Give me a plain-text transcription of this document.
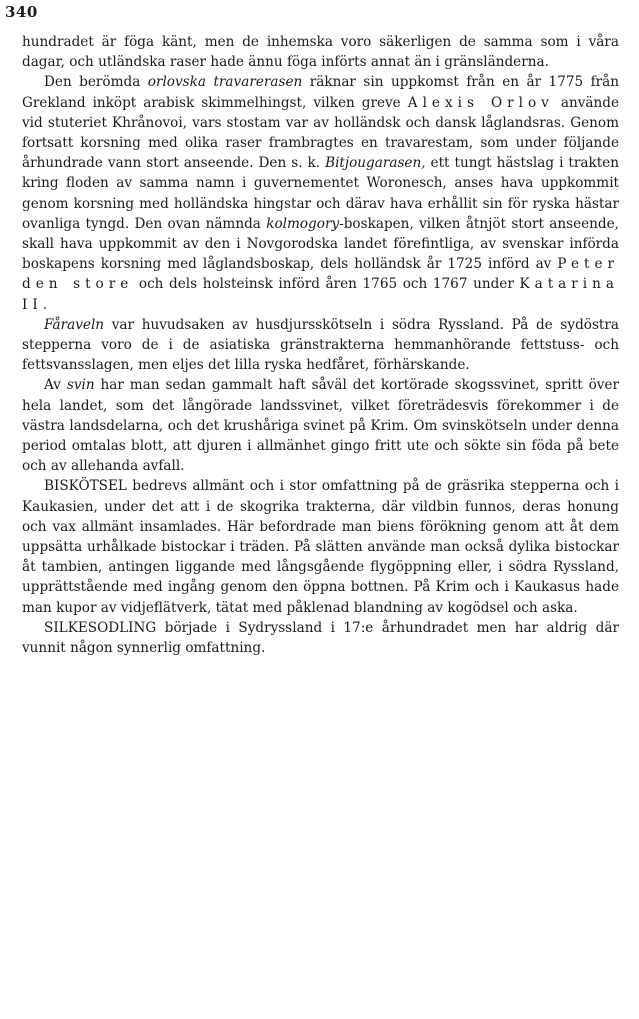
340

hundradet är föga känt, men de inhemska voro säkerligen de samma som i våra dagar, och utländska raser hade ännu föga införts annat än i gränsländerna.

Den berömda orlovska travarerasen räknar sin uppkomst från en år 1775 från Grekland inköpt arabisk skimmelhingst, vilken greve Alexis Orlov använde vid stuteriet Khrånovoi, vars stostam var av holländsk och dansk låglandsras. Genom fortsatt korsning med olika raser frambragtes en travarestam, som under följande århundrade vann stort anseende. Den s. k. Bitjougarasen, ett tungt hästslag i trakten kring floden av samma namn i guvernementet Woronesch, anses hava uppkommit genom korsning med holländska hingstar och därav hava erhållit sin för ryska hästar ovanliga tyngd. Den ovan nämnda kolmogory-boskapen, vilken åtnjöt stort anseende, skall hava uppkommit av den i Novgorodska landet förefintliga, av svenskar införda boskapens korsning med låglandsboskap, dels holländsk år 1725 införd av Peter den store och dels holsteinsk införd åren 1765 och 1767 under Katarina II.

Fåraveln var huvudsaken av husdjursskötseln i södra Ryssland. På de sydöstra stepperna voro de i de asiatiska gränstrakterna hemmanhörande fettstuss- och fettsvansslagen, men eljes det lilla ryska hedfåret, förhärskande.

Av svin har man sedan gammalt haft såväl det kortörade skogssvinet, spritt över hela landet, som det långörade landssvinet, vilket företrädesvis förekommer i de västra landsdelarna, och det krushåriga svinet på Krim. Om svinskötseln under denna period omtalas blott, att djuren i allmänhet gingo fritt ute och sökte sin föda på bete och av allehanda avfall.

BISKÖTSEL bedrevs allmänt och i stor omfattning på de gräsrika stepperna och i Kaukasien, under det att i de skogrika trakterna, där vildbin funnos, deras honung och vax allmänt insamlades. Här befordrade man biens förökning genom att åt dem uppsätta urhålkade bistockar i träden. På slätten använde man också dylika bistockar åt tambien, antingen liggande med långsgående flygöppning eller, i södra Ryssland, upprättstående med ingång genom den öppna bottnen. På Krim och i Kaukasus hade man kupor av vidjeflätverk, tätat med påklenad blandning av kogödsel och aska.

SILKESODLING började i Sydryssland i 17:e århundradet men har aldrig där vunnit någon synnerlig omfattning.
